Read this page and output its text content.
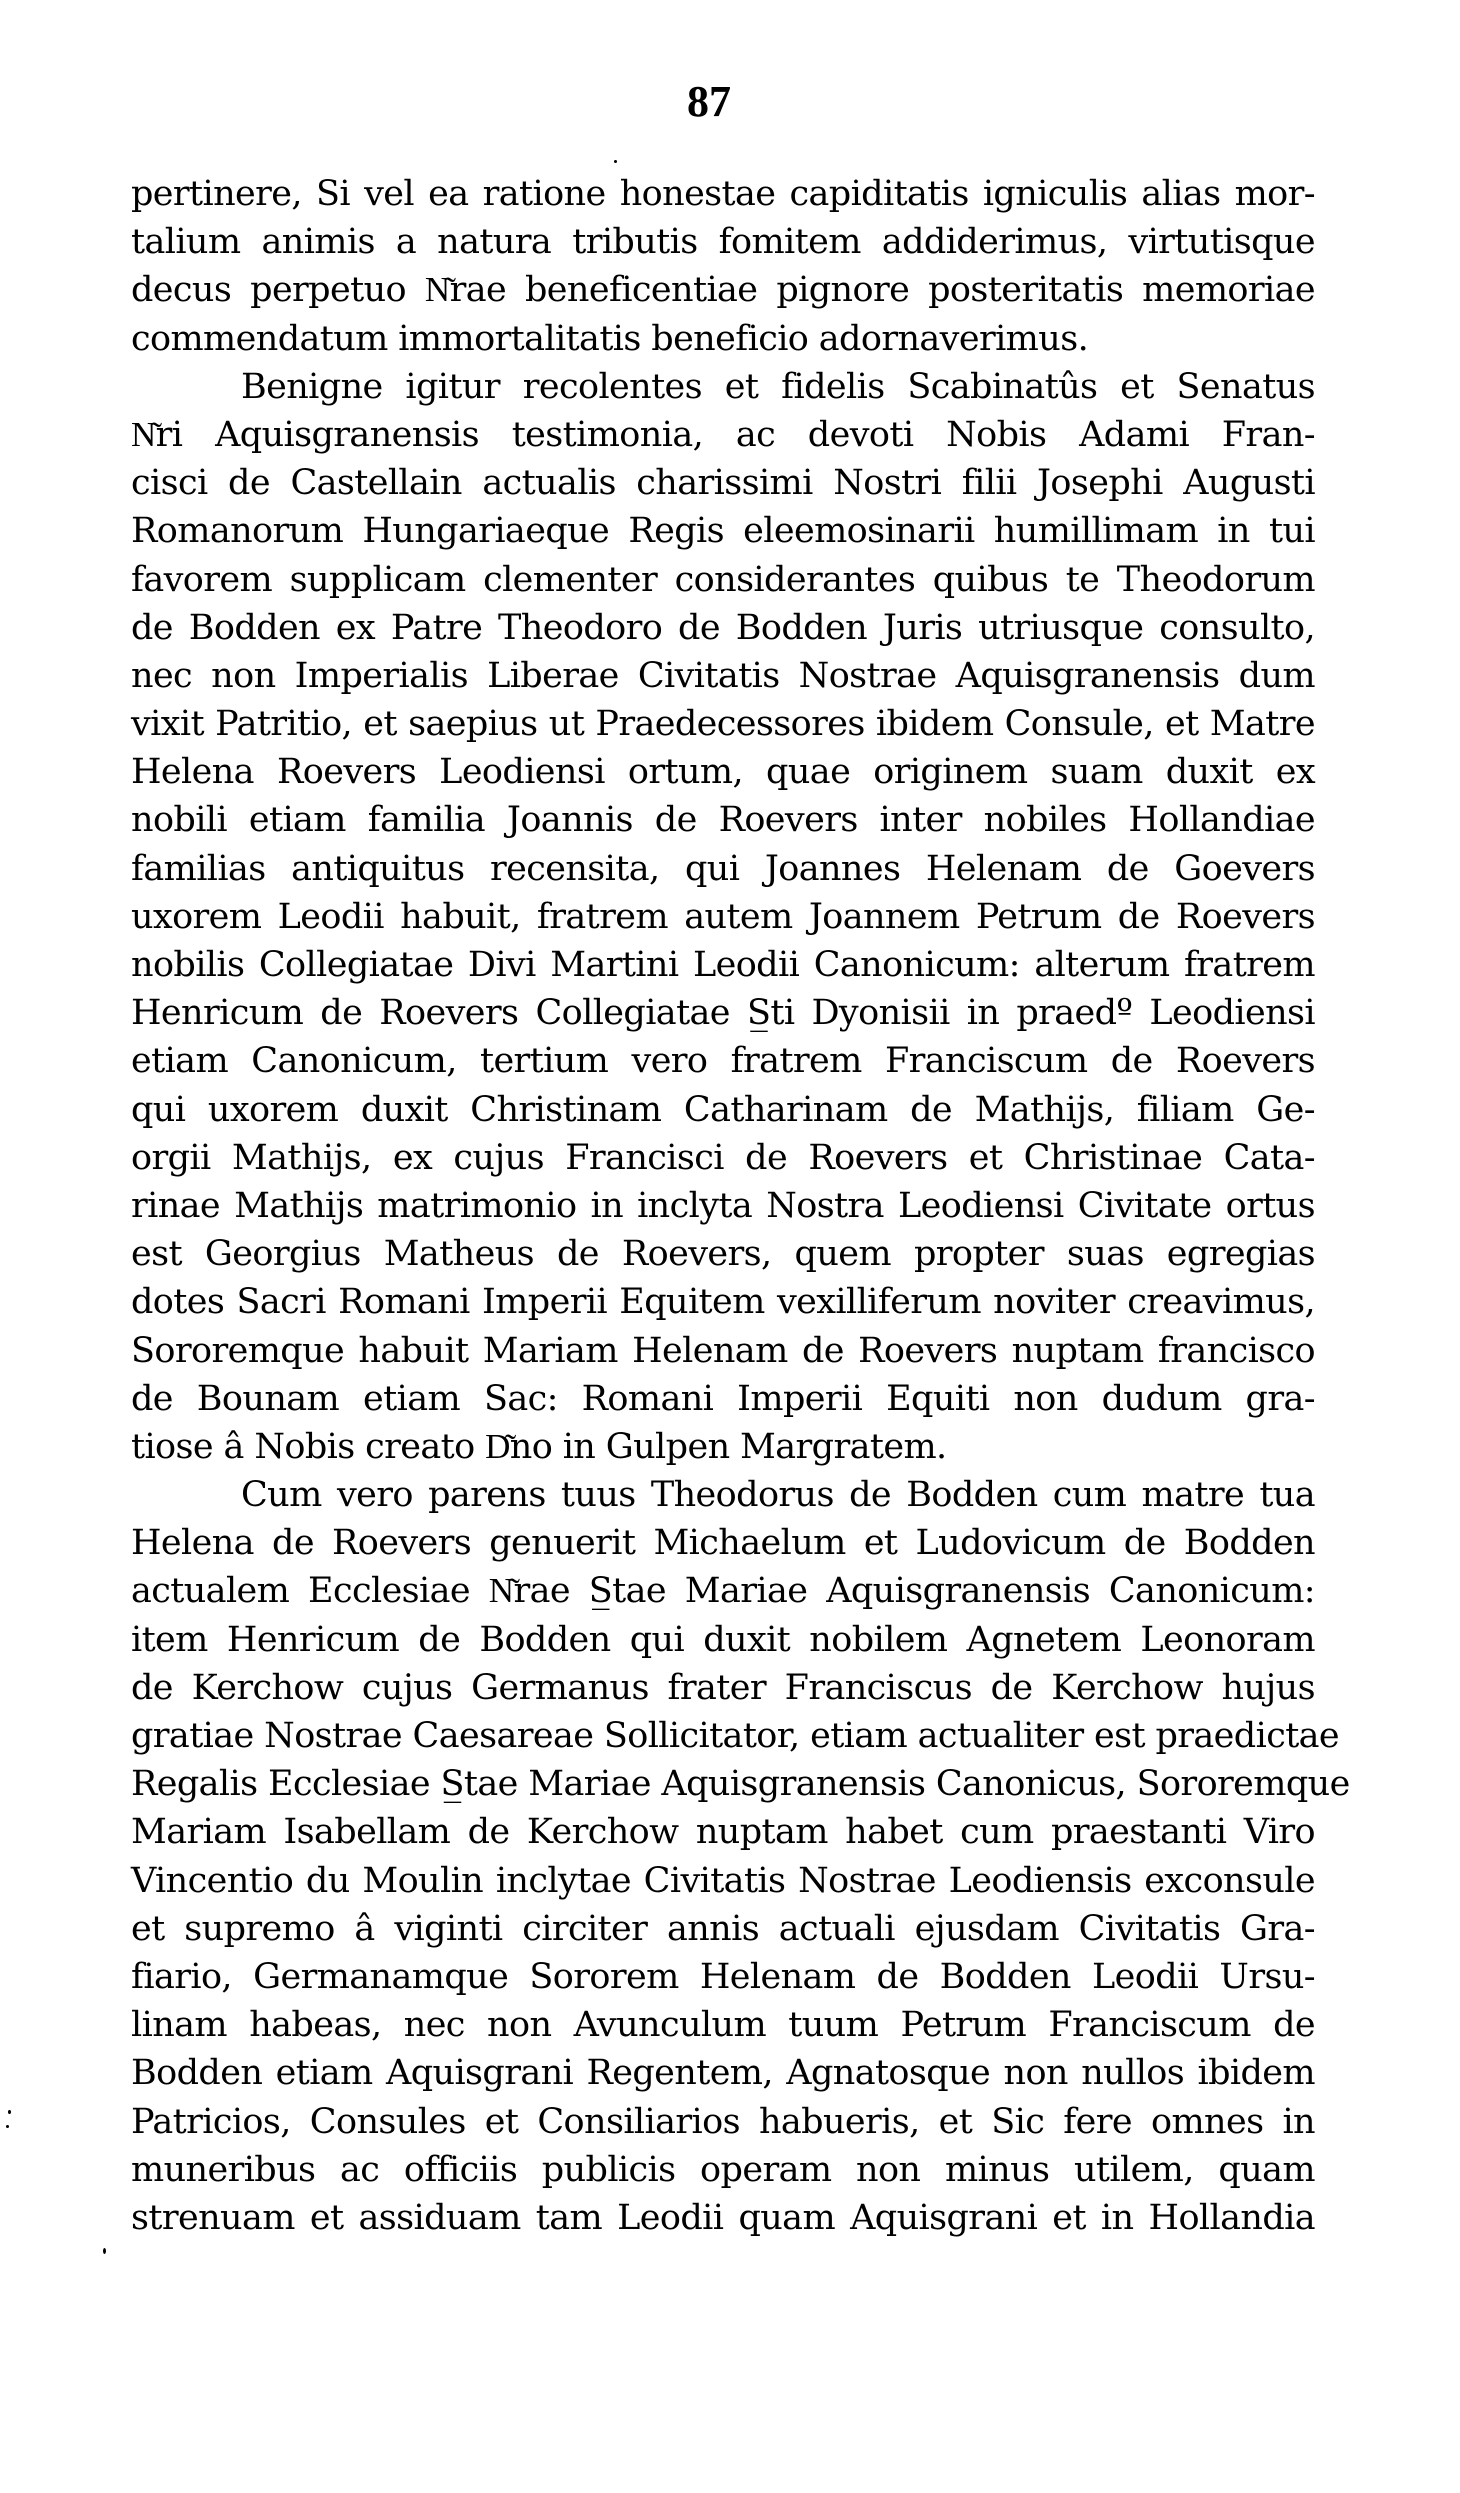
87
pertinere, Si vel ea ratione honestae capiditatis igniculis alias mor-
talium animis a natura tributis fomitem addiderimus, virtutisque
decus perpetuo N͂rae beneficentiae pignore posteritatis memoriae
commendatum immortalitatis beneficio adornaverimus.
Benigne igitur recolentes et fidelis Scabinatûs et Senatus
N͂ri Aquisgranensis testimonia, ac devoti Nobis Adami Fran-
cisci de Castellain actualis charissimi Nostri filii Josephi Augusti
Romanorum Hungariaeque Regis eleemosinarii humillimam in tui
favorem supplicam clementer considerantes quibus te Theodorum
de Bodden ex Patre Theodoro de Bodden Juris utriusque consulto,
nec non Imperialis Liberae Civitatis Nostrae Aquisgranensis dum
vixit Patritio, et saepius ut Praedecessores ibidem Consule, et Matre
Helena Roevers Leodiensi ortum, quae originem suam duxit ex
nobili etiam familia Joannis de Roevers inter nobiles Hollandiae
familias antiquitus recensita, qui Joannes Helenam de Goevers
uxorem Leodii habuit, fratrem autem Joannem Petrum de Roevers
nobilis Collegiatae Divi Martini Leodii Canonicum: alterum fratrem
Henricum de Roevers Collegiatae S̲ti Dyonisii in praedº Leodiensi
etiam Canonicum, tertium vero fratrem Franciscum de Roevers
qui uxorem duxit Christinam Catharinam de Mathijs, filiam Ge-
orgii Mathijs, ex cujus Francisci de Roevers et Christinae Cata-
rinae Mathijs matrimonio in inclyta Nostra Leodiensi Civitate ortus
est Georgius Matheus de Roevers, quem propter suas egregias
dotes Sacri Romani Imperii Equitem vexilliferum noviter creavimus,
Sororemque habuit Mariam Helenam de Roevers nuptam francisco
de Bounam etiam Sac: Romani Imperii Equiti non dudum gra-
tiose â Nobis creato D͂no in Gulpen Margratem.
Cum vero parens tuus Theodorus de Bodden cum matre tua
Helena de Roevers genuerit Michaelum et Ludovicum de Bodden
actualem Ecclesiae N͂rae S̲tae Mariae Aquisgranensis Canonicum:
item Henricum de Bodden qui duxit nobilem Agnetem Leonoram
de Kerchow cujus Germanus frater Franciscus de Kerchow hujus
gratiae Nostrae Caesareae Sollicitator, etiam actualiter est praedictae
Regalis Ecclesiae S̲tae Mariae Aquisgranensis Canonicus, Sororemque
Mariam Isabellam de Kerchow nuptam habet cum praestanti Viro
Vincentio du Moulin inclytae Civitatis Nostrae Leodiensis exconsule
et supremo â viginti circiter annis actuali ejusdam Civitatis Gra-
fiario, Germanamque Sororem Helenam de Bodden Leodii Ursu-
linam habeas, nec non Avunculum tuum Petrum Franciscum de
Bodden etiam Aquisgrani Regentem, Agnatosque non nullos ibidem
Patricios, Consules et Consiliarios habueris, et Sic fere omnes in
muneribus ac officiis publicis operam non minus utilem, quam
strenuam et assiduam tam Leodii quam Aquisgrani et in Hollandia
